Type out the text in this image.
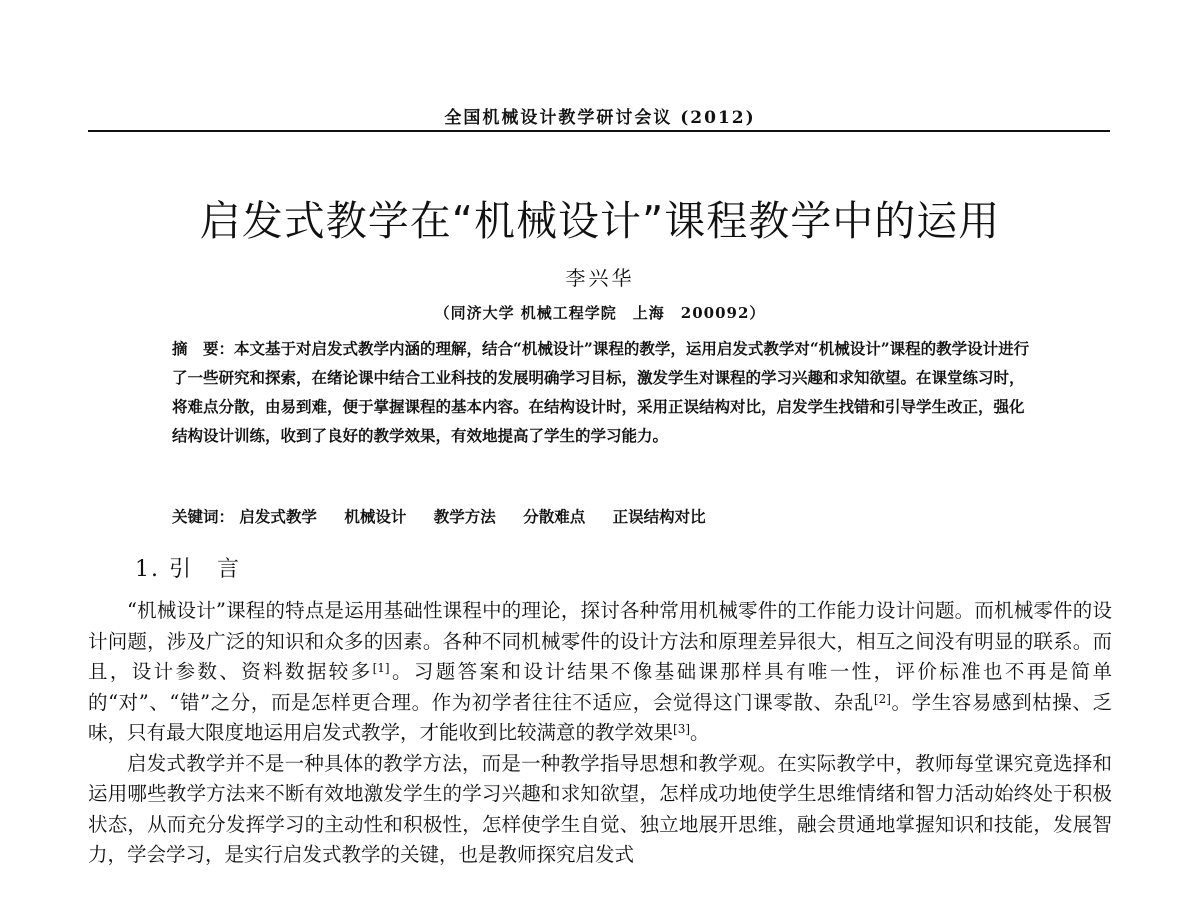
全国机械设计教学研讨会议 (2012)
启发式教学在“机械设计”课程教学中的运用
李兴华
（同济大学 机械工程学院　上海　200092）
摘　要：本文基于对启发式教学内涵的理解，结合“机械设计”课程的教学，运用启发式教学对“机械设计”课程的教学设计进行了一些研究和探索，在绪论课中结合工业科技的发展明确学习目标，激发学生对课程的学习兴趣和求知欲望。在课堂练习时，将难点分散，由易到难，便于掌握课程的基本内容。在结构设计时，采用正误结构对比，启发学生找错和引导学生改正，强化结构设计训练，收到了良好的教学效果，有效地提高了学生的学习能力。
关键词： 启发式教学 机械设计 教学方法 分散难点 正误结构对比
1. 引　言

“机械设计”课程的特点是运用基础性课程中的理论，探讨各种常用机械零件的工作能力设计问题。而机械零件的设计问题，涉及广泛的知识和众多的因素。各种不同机械零件的设计方法和原理差异很大，相互之间没有明显的联系。而且，设计参数、资料数据较多[1]。习题答案和设计结果不像基础课那样具有唯一性，评价标准也不再是简单的“对”、“错”之分，而是怎样更合理。作为初学者往往不适应，会觉得这门课零散、杂乱[2]。学生容易感到枯操、乏味，只有最大限度地运用启发式教学，才能收到比较满意的教学效果[3]。

启发式教学并不是一种具体的教学方法，而是一种教学指导思想和教学观。在实际教学中，教师每堂课究竟选择和运用哪些教学方法来不断有效地激发学生的学习兴趣和求知欲望，怎样成功地使学生思维情绪和智力活动始终处于积极状态，从而充分发挥学习的主动性和积极性，怎样使学生自觉、独立地展开思维，融会贯通地掌握知识和技能，发展智力，学会学习，是实行启发式教学的关键，也是教师探究启发式
